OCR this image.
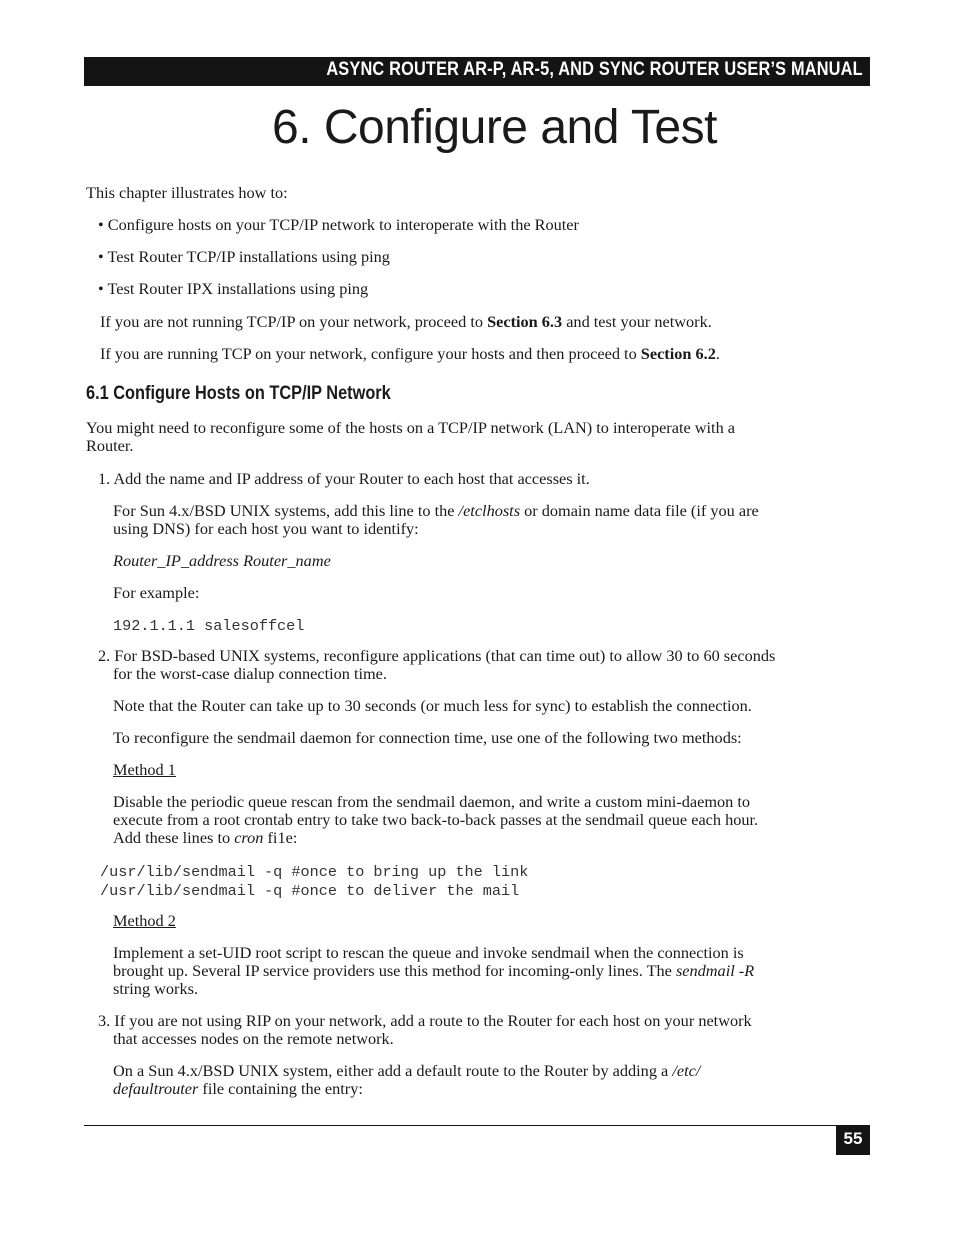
ASYNC ROUTER AR-P, AR-5, AND SYNC ROUTER USER’S MANUAL
6. Configure and Test

This chapter illustrates how to:

• Configure hosts on your TCP/IP network to interoperate with the Router

• Test Router TCP/IP installations using ping

• Test Router IPX installations using ping

If you are not running TCP/IP on your network, proceed to Section 6.3 and test your network.

If you are running TCP on your network, configure your hosts and then proceed to Section 6.2.

6.1 Configure Hosts on TCP/IP Network

You might need to reconfigure some of the hosts on a TCP/IP network (LAN) to interoperate with a

Router.

1. Add the name and IP address of your Router to each host that accesses it.

For Sun 4.x/BSD UNIX systems, add this line to the /etclhosts or domain name data file (if you are

using DNS) for each host you want to identify:

Router_IP_address Router_name

For example:

192.1.1.1 salesoffcel

2. For BSD-based UNIX systems, reconfigure applications (that can time out) to allow 30 to 60 seconds

for the worst-case dialup connection time.

Note that the Router can take up to 30 seconds (or much less for sync) to establish the connection.

To reconfigure the sendmail daemon for connection time, use one of the following two methods:

Method 1

Disable the periodic queue rescan from the sendmail daemon, and write a custom mini-daemon to

execute from a root crontab entry to take two back-to-back passes at the sendmail queue each hour.

Add these lines to cron fi1e:

/usr/lib/sendmail -q #once to bring up the link

/usr/lib/sendmail -q #once to deliver the mail

Method 2

Implement a set-UID root script to rescan the queue and invoke sendmail when the connection is

brought up. Several IP service providers use this method for incoming-only lines. The sendmail -R

string works.

3. If you are not using RIP on your network, add a route to the Router for each host on your network

that accesses nodes on the remote network.

On a Sun 4.x/BSD UNIX system, either add a default route to the Router by adding a /etc/

defaultrouter file containing the entry:

55
